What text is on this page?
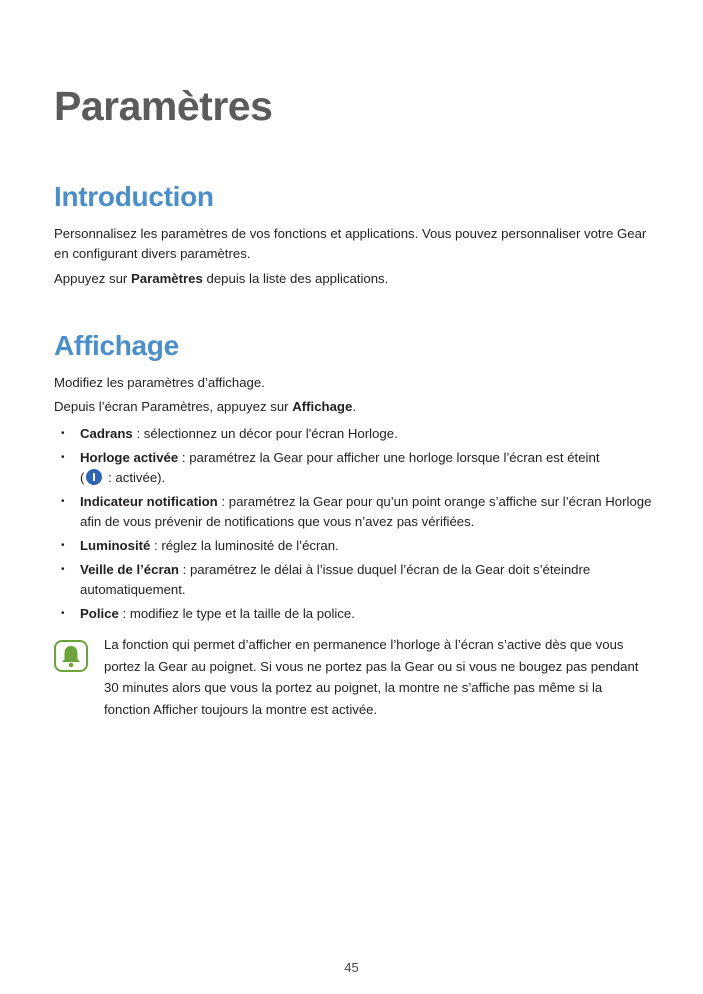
Paramètres
Introduction

Personnalisez les paramètres de vos fonctions et applications. Vous pouvez personnaliser votre Gear en configurant divers paramètres.

Appuyez sur Paramètres depuis la liste des applications.

Affichage

Modifiez les paramètres d’affichage.

Depuis l’écran Paramètres, appuyez sur Affichage.

• Cadrans : sélectionnez un décor pour l'écran Horloge.
• Horloge activée : paramétrez la Gear pour afficher une horloge lorsque l’écran est éteint
( : activée).
• Indicateur notification : paramétrez la Gear pour qu’un point orange s’affiche sur l’écran Horloge afin de vous prévenir de notifications que vous n’avez pas vérifiées.
• Luminosité : réglez la luminosité de l’écran.
• Veille de l’écran : paramétrez le délai à l’issue duquel l’écran de la Gear doit s’éteindre automatiquement.
• Police : modifiez le type et la taille de la police.

La fonction qui permet d’afficher en permanence l’horloge à l’écran s’active dès que vous portez la Gear au poignet. Si vous ne portez pas la Gear ou si vous ne bougez pas pendant 30 minutes alors que vous la portez au poignet, la montre ne s’affiche pas même si la fonction Afficher toujours la montre est activée.

45
